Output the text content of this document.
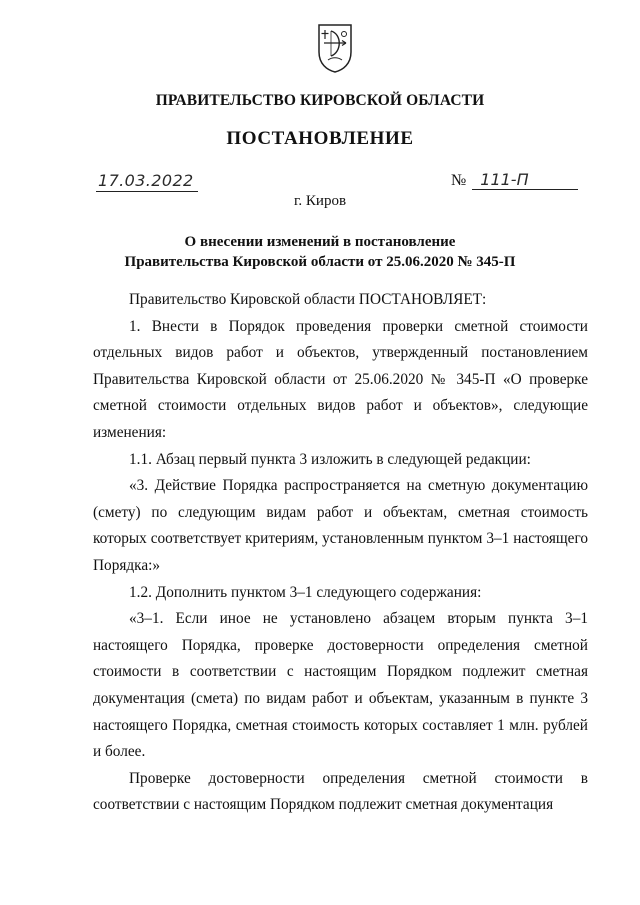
ПРАВИТЕЛЬСТВО КИРОВСКОЙ ОБЛАСТИ
ПОСТАНОВЛЕНИЕ
17.03.2022	№ 111-П
г. Киров
О внесении изменений в постановление
Правительства Кировской области от 25.06.2020 № 345-П

Правительство Кировской области ПОСТАНОВЛЯЕТ:

1. Внести в Порядок проведения проверки сметной стоимости отдельных видов работ и объектов, утвержденный постановлением Правительства Кировской области от 25.06.2020 № 345-П «О проверке сметной стоимости отдельных видов работ и объектов», следующие изменения:

1.1. Абзац первый пункта 3 изложить в следующей редакции:

«3. Действие Порядка распространяется на сметную документацию (смету) по следующим видам работ и объектам, сметная стоимость которых соответствует критериям, установленным пунктом 3–1 настоящего Порядка:»

1.2. Дополнить пунктом 3–1 следующего содержания:

«3–1. Если иное не установлено абзацем вторым пункта 3–1 настоящего Порядка, проверке достоверности определения сметной стоимости в соответствии с настоящим Порядком подлежит сметная документация (смета) по видам работ и объектам, указанным в пункте 3 настоящего Порядка, сметная стоимость которых составляет 1 млн. рублей и более.

Проверке достоверности определения сметной стоимости в соответствии с настоящим Порядком подлежит сметная документация
